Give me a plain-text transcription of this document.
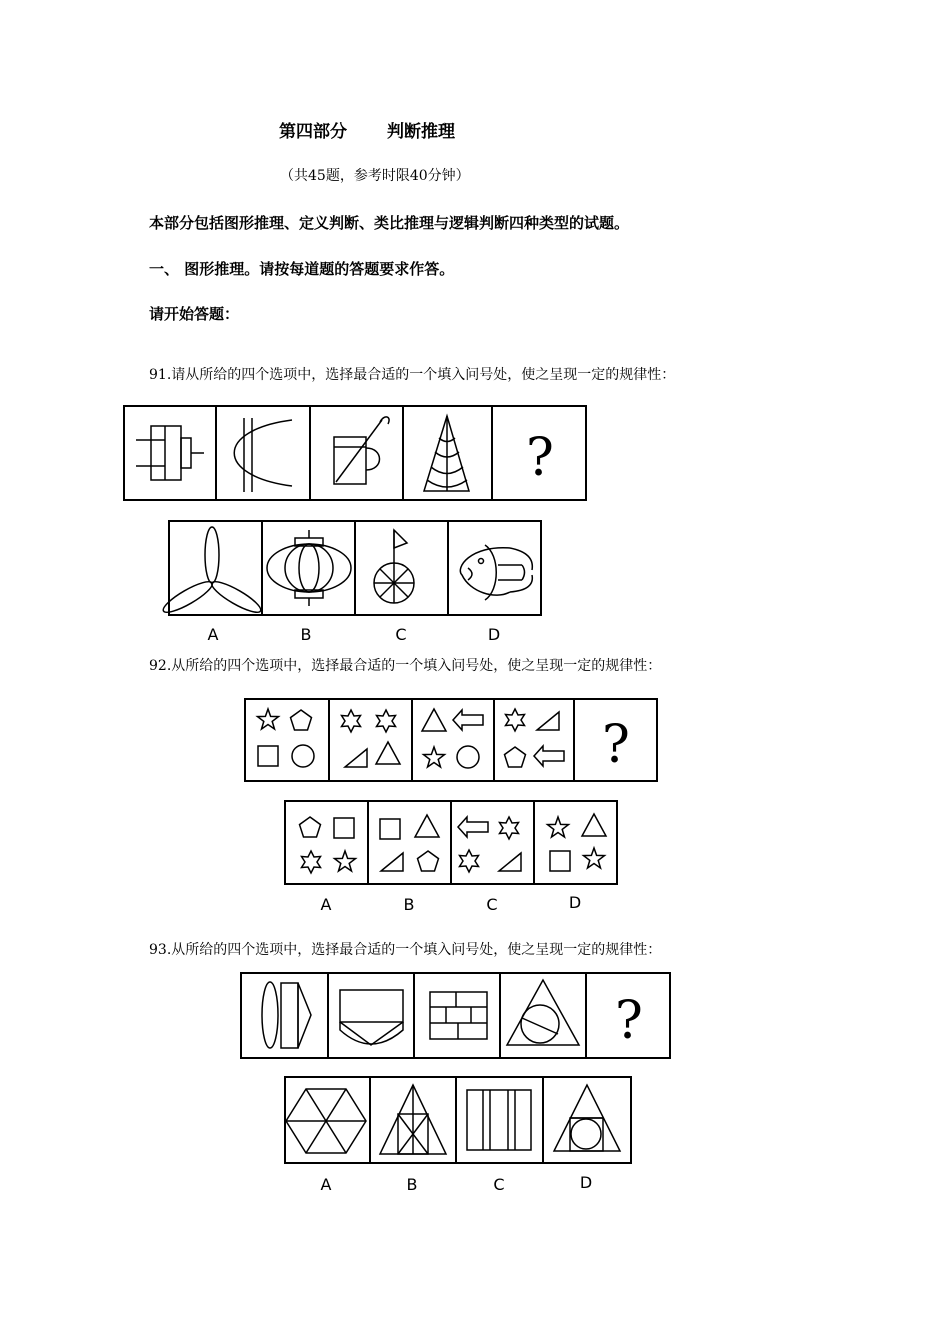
第四部分 判断推理
（共45题，参考时限40分钟）
本部分包括图形推理、定义判断、类比推理与逻辑判断四种类型的试题。
一、 图形推理。请按每道题的答题要求作答。
请开始答题：
91.请从所给的四个选项中，选择最合适的一个填入问号处，使之呈现一定的规律性：
?
A	B	C	D
92.从所给的四个选项中，选择最合适的一个填入问号处，使之呈现一定的规律性：
?
A	B	C	D
93.从所给的四个选项中，选择最合适的一个填入问号处，使之呈现一定的规律性：
?
A	B	C	D
